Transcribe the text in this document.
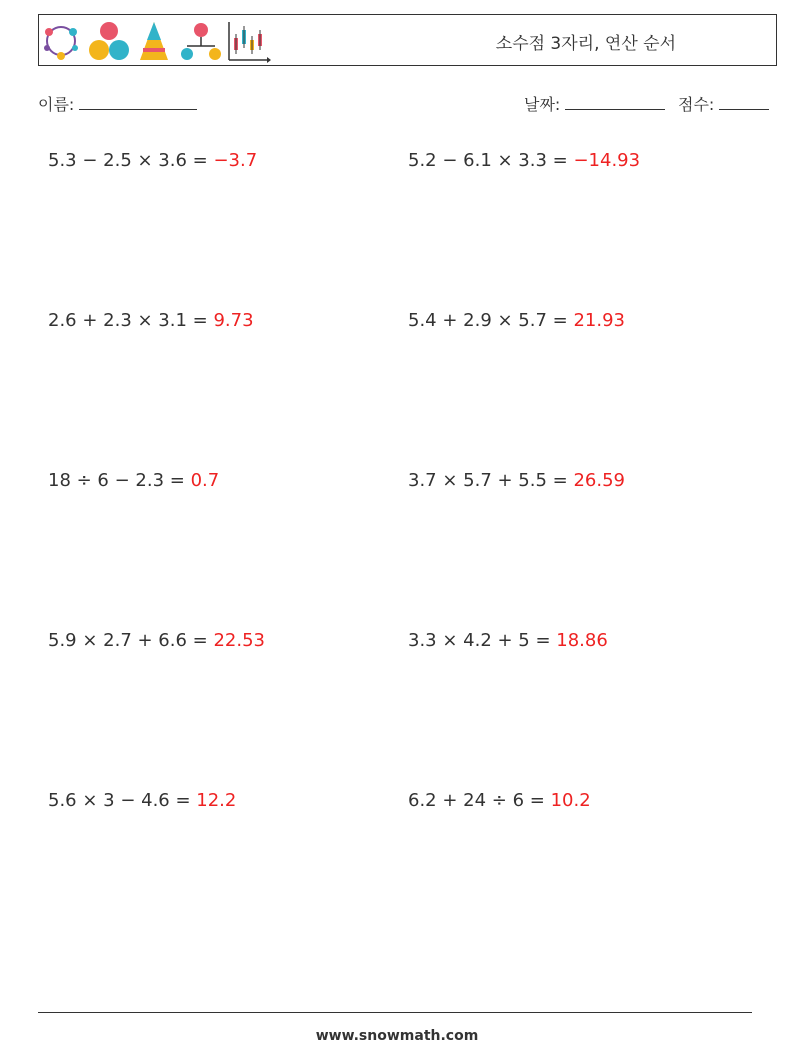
소수점 3자리, 연산 순서
이름:	날짜:	점수:
5.3 − 2.5 × 3.6 = −3.7	5.2 − 6.1 × 3.3 = −14.93
2.6 + 2.3 × 3.1 = 9.73	5.4 + 2.9 × 5.7 = 21.93
18 ÷ 6 − 2.3 = 0.7	3.7 × 5.7 + 5.5 = 26.59
5.9 × 2.7 + 6.6 = 22.53	3.3 × 4.2 + 5 = 18.86
5.6 × 3 − 4.6 = 12.2	6.2 + 24 ÷ 6 = 10.2
www.snowmath.com
